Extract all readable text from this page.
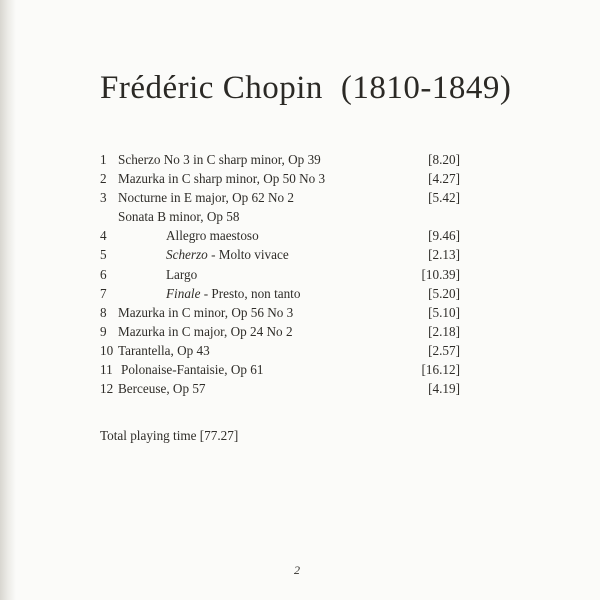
Frédéric Chopin (1810-1849)
1 Scherzo No 3 in C sharp minor, Op 39	[8.20]
2 Mazurka in C sharp minor, Op 50 No 3	[4.27]
3 Nocturne in E major, Op 62 No 2	[5.42]
Sonata B minor, Op 58
4	Allegro maestoso	[9.46]
5	Scherzo - Molto vivace	[2.13]
6	Largo	[10.39]
7	Finale - Presto, non tanto	[5.20]
8 Mazurka in C minor, Op 56 No 3	[5.10]
9 Mazurka in C major, Op 24 No 2	[2.18]
10 Tarantella, Op 43	[2.57]
11 Polonaise-Fantaisie, Op 61	[16.12]
12 Berceuse, Op 57	[4.19]
Total playing time [77.27]
2
